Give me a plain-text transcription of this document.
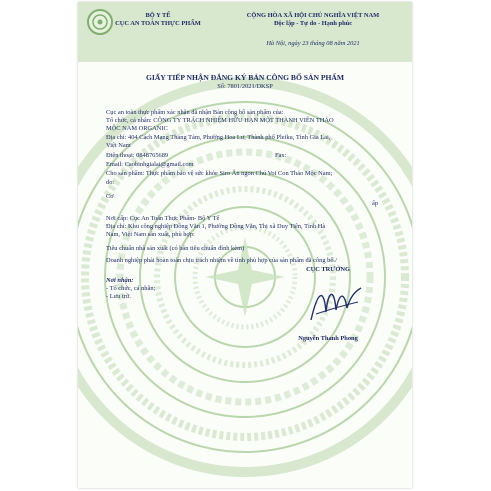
BỘ Y TẾ
CỤC AN TOÀN THỰC PHẨM
CỘNG HÒA XÃ HỘI CHỦ NGHĨA VIỆT NAM
Độc lập - Tự do - Hạnh phúc
Hà Nội, ngày 23 tháng 08 năm 2021
GIẤY TIẾP NHẬN ĐĂNG KÝ BẢN CÔNG BỐ SẢN PHẨM
Số: 7801/2021/DKSP
Cục an toàn thực phẩm xác nhận đã nhận Bản công bố sản phẩm của:
Tổ chức, cá nhân: CÔNG TY TRÁCH NHIỆM HỮU HẠN MỘT THÀNH VIÊN THẢO
MỘC NAM ORGANIC
Địa chỉ: 404 Cách Mạng Tháng Tám, Phường Hoa Lư, Thành phố Pleiku, Tỉnh Gia Lai,
Việt Nam
Điện thoại: 0848765689	Fax:
Email: Caobinhgialai@gmail.com
Cho sản phẩm: Thực phẩm bảo vệ sức khỏe Siro Ăn ngon Chú Voi Con Thảo Mộc Nam;
do:
Cơ
ấp
Nơi cấp: Cục An Toàn Thực Phẩm- Bộ Y Tế
Địa chỉ: Khu công nghiệp Đồng Văn 1, Phường Đồng Văn, Thị xã Duy Tiên, Tỉnh Hà
Nam, Việt Nam sản xuất, phù hợp:
Tiêu chuẩn nhà sản xuất (có bản tiêu chuẩn đính kèm)
Doanh nghiệp phải hoàn toàn chịu trách nhiệm về tính phù hợp của sản phẩm đã công bố./
Nơi nhận:
- Tổ chức, cá nhân;
- Lưu trữ.
CỤC TRƯỞNG
Nguyễn Thanh Phong
